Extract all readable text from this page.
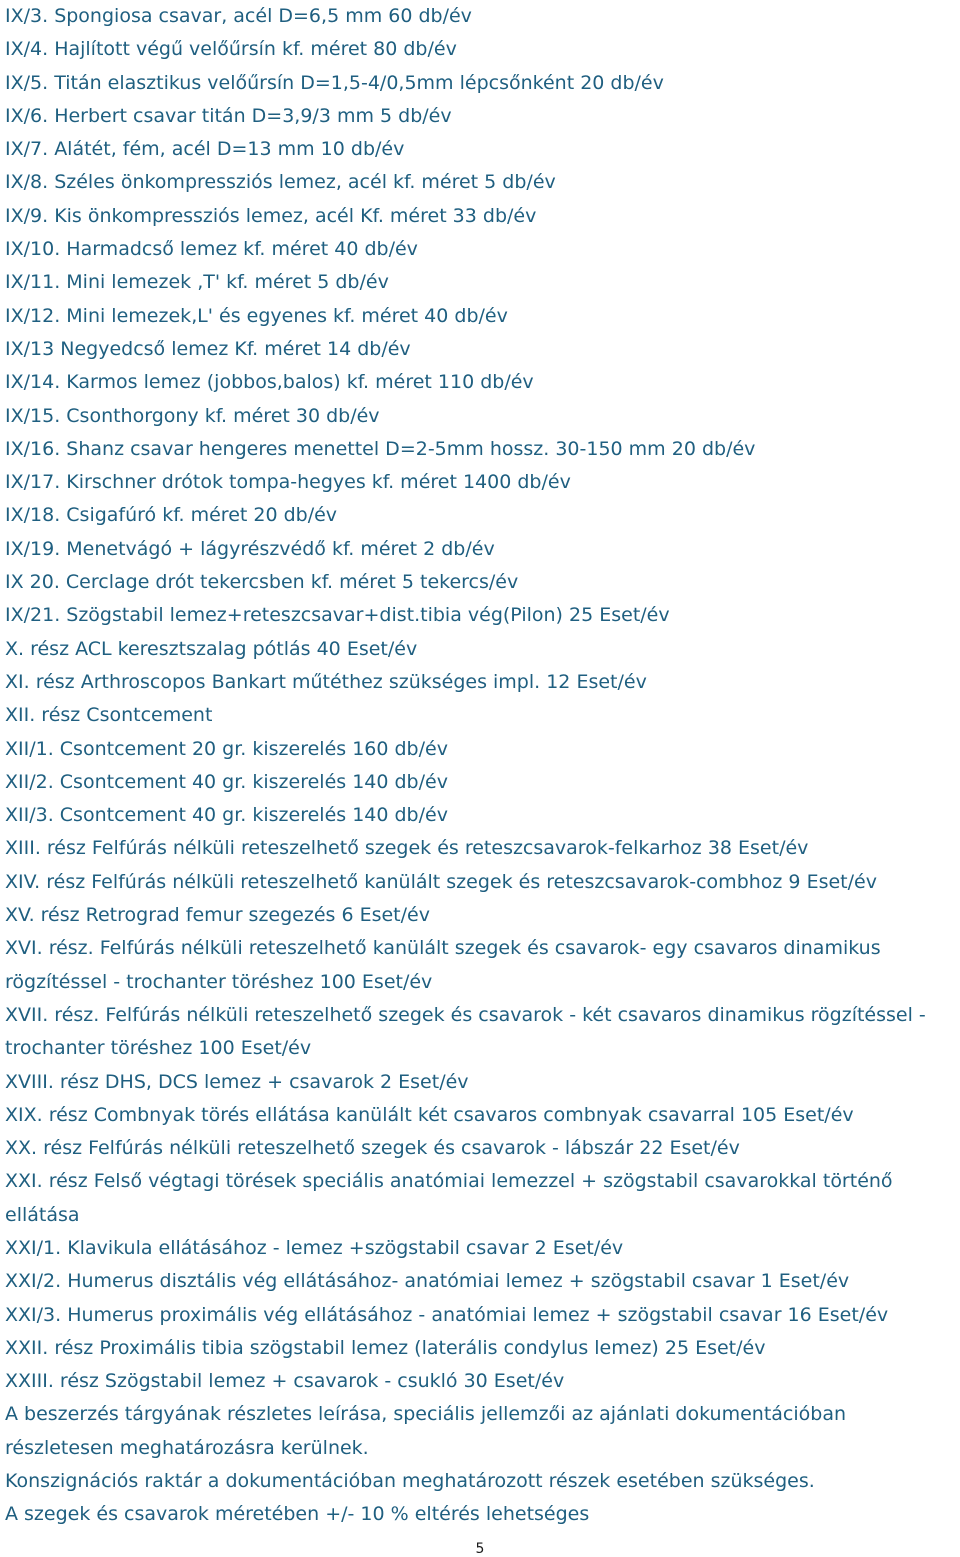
IX/3. Spongiosa csavar, acél D=6,5 mm 60 db/év
IX/4. Hajlított végű velőűrsín kf. méret 80 db/év
IX/5. Titán elasztikus velőűrsín D=1,5-4/0,5mm lépcsőnként 20 db/év
IX/6. Herbert csavar titán D=3,9/3 mm 5 db/év
IX/7. Alátét, fém, acél D=13 mm 10 db/év
IX/8. Széles önkompressziós lemez, acél kf. méret 5 db/év
IX/9. Kis önkompressziós lemez, acél Kf. méret 33 db/év
IX/10. Harmadcső lemez kf. méret 40 db/év
IX/11. Mini lemezek ‚T' kf. méret 5 db/év
IX/12. Mini lemezek‚L' és egyenes kf. méret 40 db/év
IX/13 Negyedcső lemez Kf. méret 14 db/év
IX/14. Karmos lemez (jobbos,balos) kf. méret 110 db/év
IX/15. Csonthorgony kf. méret 30 db/év
IX/16. Shanz csavar hengeres menettel D=2-5mm hossz. 30-150 mm 20 db/év
IX/17. Kirschner drótok tompa-hegyes kf. méret 1400 db/év
IX/18. Csigafúró kf. méret 20 db/év
IX/19. Menetvágó + lágyrészvédő kf. méret 2 db/év
IX 20. Cerclage drót tekercsben kf. méret 5 tekercs/év
IX/21. Szögstabil lemez+reteszcsavar+dist.tibia vég(Pilon) 25 Eset/év
X. rész ACL keresztszalag pótlás 40 Eset/év
XI. rész Arthroscopos Bankart műtéthez szükséges impl. 12 Eset/év
XII. rész Csontcement
XII/1. Csontcement 20 gr. kiszerelés 160 db/év
XII/2. Csontcement 40 gr. kiszerelés 140 db/év
XII/3. Csontcement 40 gr. kiszerelés 140 db/év
XIII. rész Felfúrás nélküli reteszelhető szegek és reteszcsavarok-felkarhoz 38 Eset/év
XIV. rész Felfúrás nélküli reteszelhető kanülált szegek és reteszcsavarok-combhoz 9 Eset/év
XV. rész Retrograd femur szegezés 6 Eset/év
XVI. rész. Felfúrás nélküli reteszelhető kanülált szegek és csavarok- egy csavaros dinamikus
rögzítéssel - trochanter töréshez 100 Eset/év
XVII. rész. Felfúrás nélküli reteszelhető szegek és csavarok - két csavaros dinamikus rögzítéssel -
trochanter töréshez 100 Eset/év
XVIII. rész DHS, DCS lemez + csavarok 2 Eset/év
XIX. rész Combnyak törés ellátása kanülált két csavaros combnyak csavarral 105 Eset/év
XX. rész Felfúrás nélküli reteszelhető szegek és csavarok - lábszár 22 Eset/év
XXI. rész Felső végtagi törések speciális anatómiai lemezzel + szögstabil csavarokkal történő
ellátása
XXI/1. Klavikula ellátásához - lemez +szögstabil csavar 2 Eset/év
XXI/2. Humerus disztális vég ellátásához- anatómiai lemez + szögstabil csavar 1 Eset/év
XXI/3. Humerus proximális vég ellátásához - anatómiai lemez + szögstabil csavar 16 Eset/év
XXII. rész Proximális tibia szögstabil lemez (laterális condylus lemez) 25 Eset/év
XXIII. rész Szögstabil lemez + csavarok - csukló 30 Eset/év
A beszerzés tárgyának részletes leírása, speciális jellemzői az ajánlati dokumentációban
részletesen meghatározásra kerülnek.
Konszignációs raktár a dokumentációban meghatározott részek esetében szükséges.
A szegek és csavarok méretében +/- 10 % eltérés lehetséges
5
